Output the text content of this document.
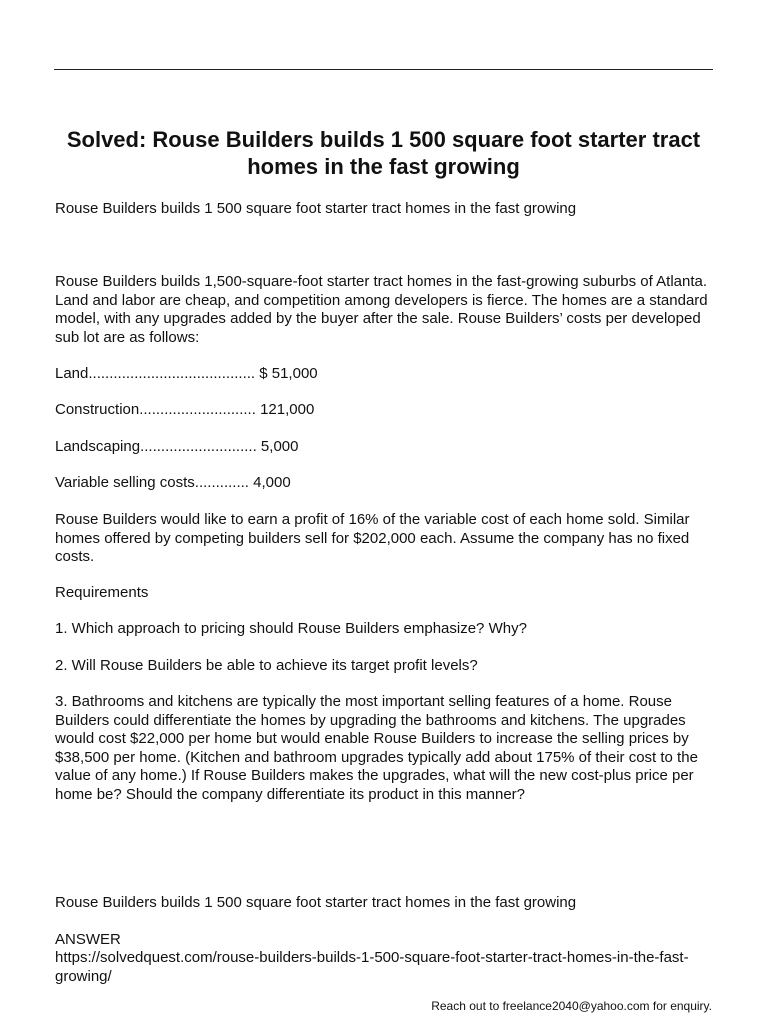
Solved: Rouse Builders builds 1 500 square foot starter tract homes in the fast growing

Rouse Builders builds 1 500 square foot starter tract homes in the fast growing

Rouse Builders builds 1,500-square-foot starter tract homes in the fast-growing suburbs of Atlanta. Land and labor are cheap, and competition among developers is fierce. The homes are a standard model, with any upgrades added by the buyer after the sale. Rouse Builders’ costs per developed sub lot are as follows:

Land........................................ $ 51,000

Construction............................ 121,000

Landscaping............................ 5,000

Variable selling costs............. 4,000

Rouse Builders would like to earn a profit of 16% of the variable cost of each home sold. Similar homes offered by competing builders sell for $202,000 each. Assume the company has no fixed costs.

Requirements

1. Which approach to pricing should Rouse Builders emphasize? Why?

2. Will Rouse Builders be able to achieve its target profit levels?

3. Bathrooms and kitchens are typically the most important selling features of a home. Rouse Builders could differentiate the homes by upgrading the bathrooms and kitchens. The upgrades would cost $22,000 per home but would enable Rouse Builders to increase the selling prices by $38,500 per home. (Kitchen and bathroom upgrades typically add about 175% of their cost to the value of any home.) If Rouse Builders makes the upgrades, what will the new cost-plus price per home be? Should the company differentiate its product in this manner?

Rouse Builders builds 1 500 square foot starter tract homes in the fast growing

ANSWER

https://solvedquest.com/rouse-builders-builds-1-500-square-foot-starter-tract-homes-in-the-fast-growing/

Reach out to freelance2040@yahoo.com for enquiry.
